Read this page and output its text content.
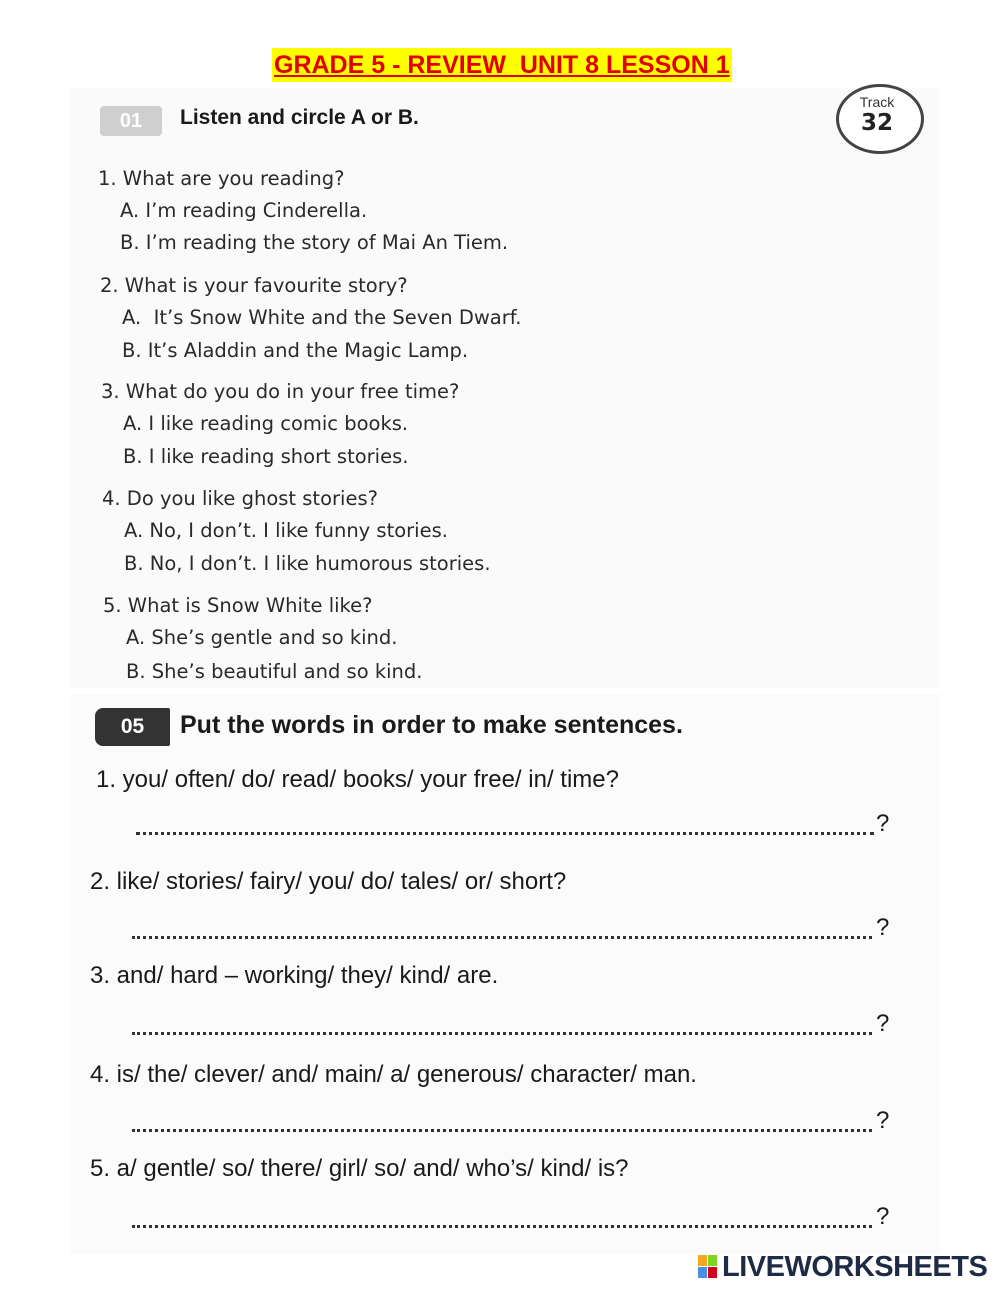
GRADE 5 - REVIEW  UNIT 8 LESSON 1
01	Listen and circle A or B.
Track
32
1. What are you reading?
A. I’m reading Cinderella.
B. I’m reading the story of Mai An Tiem.
2. What is your favourite story?
A.  It’s Snow White and the Seven Dwarf.
B. It’s Aladdin and the Magic Lamp.
3. What do you do in your free time?
A. I like reading comic books.
B. I like reading short stories.
4. Do you like ghost stories?
A. No, I don’t. I like funny stories.
B. No, I don’t. I like humorous stories.
5. What is Snow White like?
A. She’s gentle and so kind.
B. She’s beautiful and so kind.
05	Put the words in order to make sentences.
1. you/ often/ do/ read/ books/ your free/ in/ time?
?
2. like/ stories/ fairy/ you/ do/ tales/ or/ short?
?
3. and/ hard – working/ they/ kind/ are.
?
4. is/ the/ clever/ and/ main/ a/ generous/ character/ man.
?
5. a/ gentle/ so/ there/ girl/ so/ and/ who’s/ kind/ is?
?
LIVEWORKSHEETS
